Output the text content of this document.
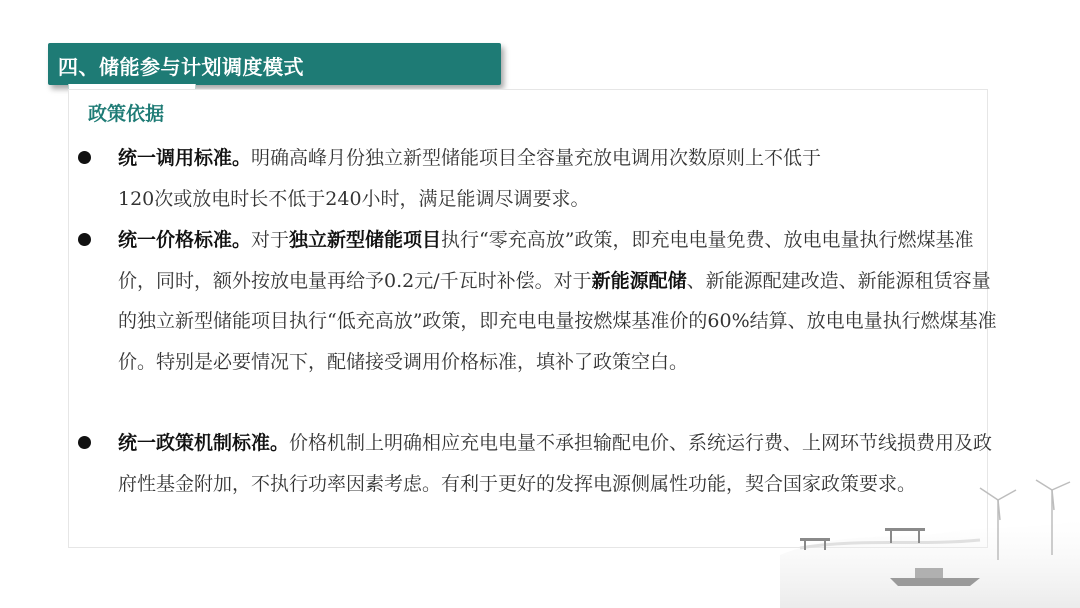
四、储能参与计划调度模式
政策依据
统一调用标准。明确高峰月份独立新型储能项目全容量充放电调用次数原则上不低于
120次或放电时长不低于240小时，满足能调尽调要求。
统一价格标准。对于独立新型储能项目执行“零充高放”政策，即充电电量免费、放电电量执行燃煤基准价，同时，额外按放电量再给予0.2元/千瓦时补偿。对于新能源配储、新能源配建改造、新能源租赁容量的独立新型储能项目执行“低充高放”政策，即充电电量按燃煤基准价的60%结算、放电电量执行燃煤基准价。特别是必要情况下，配储接受调用价格标准，填补了政策空白。
统一政策机制标准。价格机制上明确相应充电电量不承担输配电价、系统运行费、上网环节线损费用及政府性基金附加，不执行功率因素考虑。有利于更好的发挥电源侧属性功能，契合国家政策要求。
